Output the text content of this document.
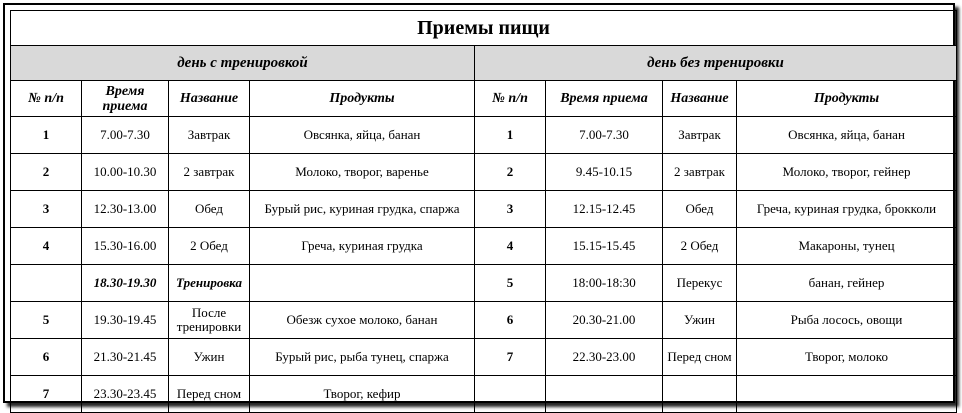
Приемы пищи							
день с тренировкой				день без тренировки			
№ п/п	Время приема	Название	Продукты	№ п/п	Время приема	Название	Продукты
1	7.00-7.30	Завтрак	Овсянка, яйца, банан	1	7.00-7.30	Завтрак	Овсянка, яйца, банан
2	10.00-10.30	2 завтрак	Молоко, творог, варенье	2	9.45-10.15	2 завтрак	Молоко, творог, гейнер
3	12.30-13.00	Обед	Бурый рис, куриная грудка, спаржа	3	12.15-12.45	Обед	Греча, куриная грудка, брокколи
4	15.30-16.00	2 Обед	Греча, куриная грудка	4	15.15-15.45	2 Обед	Макароны, тунец
	18.30-19.30	Тренировка		5	18:00-18:30	Перекус	банан, гейнер
5	19.30-19.45	После тренировки	Обезж сухое молоко, банан	6	20.30-21.00	Ужин	Рыба лосось, овощи
6	21.30-21.45	Ужин	Бурый рис, рыба тунец, спаржа	7	22.30-23.00	Перед сном	Творог, молоко
7	23.30-23.45	Перед сном	Творог, кефир				
